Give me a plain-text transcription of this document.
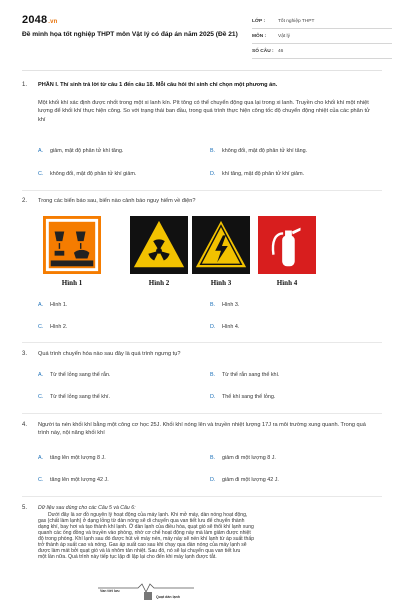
2048.vn
Đề minh họa tốt nghiệp THPT môn Vật lý có đáp án năm 2025 (Đề 21)
LỚP :	Tốt nghiệp THPT
MÔN :	Vật lý
SỐ CÂU : 46
1. PHẦN I. Thí sinh trả lời từ câu 1 đến câu 18. Mỗi câu hỏi thí sinh chỉ chọn một phương án.
Một khối khí xác định được nhốt trong một xi lanh kín. Pít tông có thể chuyển động qua lại trong xi lanh. Truyền cho khối khí một nhiệt lượng để khối khí thực hiện công. So với trạng thái ban đầu, trong quá trình thực hiện công tốc độ chuyển động nhiệt của các phân tử khí
A. giảm, mật độ phân tử khí tăng.	B. không đổi, mật độ phân tử khí tăng.
C. không đổi, mật độ phân tử khí giảm.	D. khí tăng, mật độ phân tử khí giảm.
2. Trong các biển báo sau, biển nào cảnh báo nguy hiểm về điện?
Hình 1	Hình 2	Hình 3	Hình 4
A. Hình 1.	B. Hình 3.
C. Hình 2.	D. Hình 4.
3. Quá trình chuyển hóa nào sau đây là quá trình ngưng tụ?
A. Từ thể lỏng sang thể rắn.	B. Từ thể rắn sang thể khí.
C. Từ thể lỏng sang thể khí.	D. Thể khí sang thể lỏng.
4. Người ta nén khối khí bằng một công cơ học 25J. Khối khí nóng lên và truyền nhiệt lượng 17J ra môi trường xung quanh. Trong quá trình này, nội năng khối khí
A. tăng lên một lượng 8 J.	B. giảm đi một lượng 8 J.
C. tăng lên một lượng 42 J.	D. giảm đi một lượng 42 J.
5. Dữ liệu sau dùng cho các Câu 5 và Câu 6:
Dưới đây là sơ đồ nguyên lý hoạt động của máy lạnh. Khi mở máy, dàn nóng hoạt động,
gas (chất làm lạnh) ở dạng lỏng từ dàn nóng sẽ di chuyển qua van tiết lưu để chuyển thành
dạng khí, bay hơi và tạo thành khí lạnh. Ở dàn lạnh của điều hòa, quạt gió sẽ thổi khí lạnh xung
quanh các ống đồng và truyền vào phòng, nhờ cơ chế hoạt động này mà làm giảm được nhiệt
độ trong phòng. Khí lạnh sau đó được hút về máy nén, máy này sẽ nén khí lạnh từ áp suất thấp
trở thành áp suất cao và nóng. Gas áp suất cao sau khi chạy qua dàn nóng của máy lạnh sẽ
được làm mát bởi quạt gió và lá nhôm tản nhiệt. Sau đó, nó sẽ lại chuyển qua van tiết lưu
một lần nữa. Quá trình này tiếp tục lặp đi lặp lại cho đến khi máy lạnh được tắt.
Van tiết lưu
Quạt dàn lạnh
